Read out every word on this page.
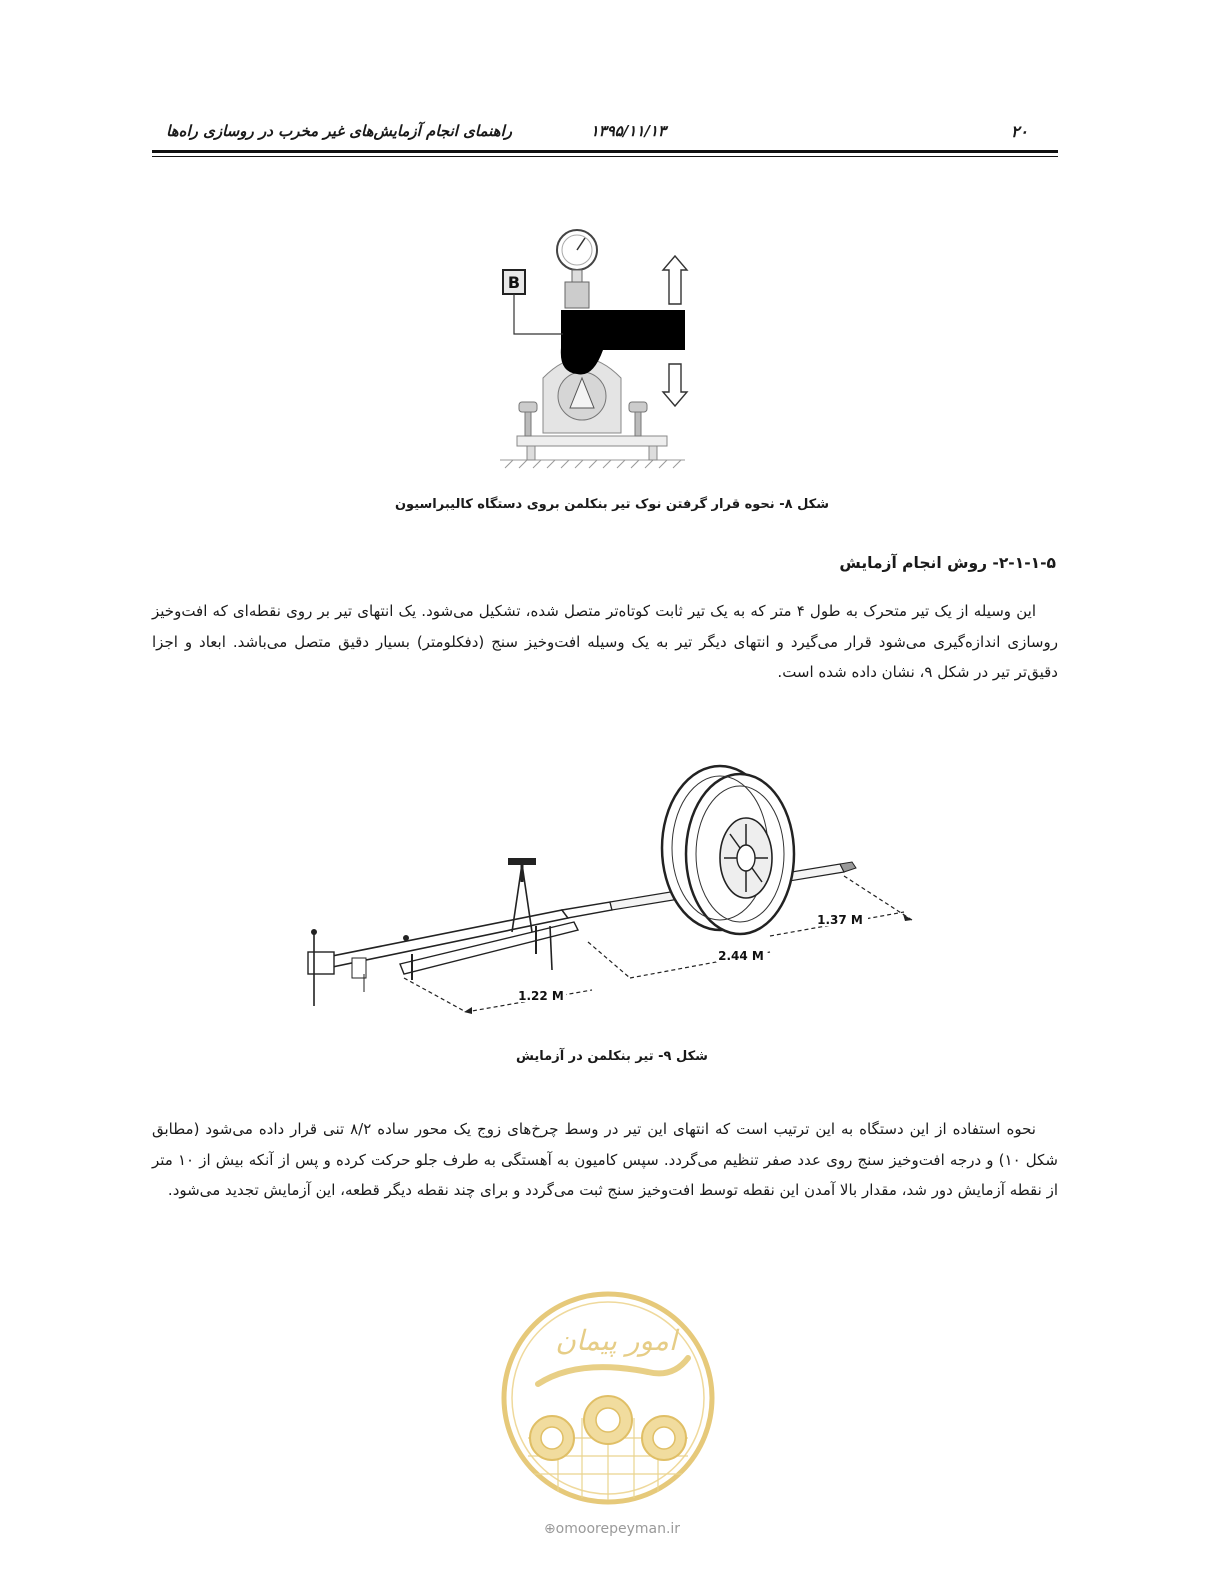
راهنمای انجام آزمایش‌های غیر مخرب در روسازی راه‌ها	۱۳۹۵/۱۱/۱۳	۲۰
B
شکل ۸- نحوه قرار گرفتن نوک تیر بنکلمن بروی دستگاه کالیبراسیون
۲-۱-۱-۵- روش انجام آزمایش

این وسیله از یک تیر متحرک به طول ۴ متر که به یک تیر ثابت کوتاه‌تر متصل شده، تشکیل می‌شود. یک انتهای تیر بر روی نقطه‌ای که افت‌وخیز روسازی اندازه‌گیری می‌شود قرار می‌گیرد و انتهای دیگر تیر به یک وسیله افت‌وخیز سنج (دفکلومتر) بسیار دقیق متصل می‌باشد. ابعاد و اجزا دقیق‌تر تیر در شکل ۹، نشان داده شده است.

1.37 M
2.44 M
1.22 M
شکل ۹- تیر بنکلمن در آزمایش

نحوه استفاده از این دستگاه به این ترتیب است که انتهای این تیر در وسط چرخ‌های زوج یک محور ساده ۸/۲ تنی قرار داده می‌شود (مطابق شکل ۱۰) و درجه افت‌وخیز سنج روی عدد صفر تنظیم می‌گردد. سپس کامیون به آهستگی به طرف جلو حرکت کرده و پس از آنکه بیش از ۱۰ متر از نقطه آزمایش دور شد، مقدار بالا آمدن این نقطه توسط افت‌وخیز سنج ثبت می‌گردد و برای چند نقطه دیگر قطعه، این آزمایش تجدید می‌شود.

امور پیمان
⊕omoorepeyman.ir
